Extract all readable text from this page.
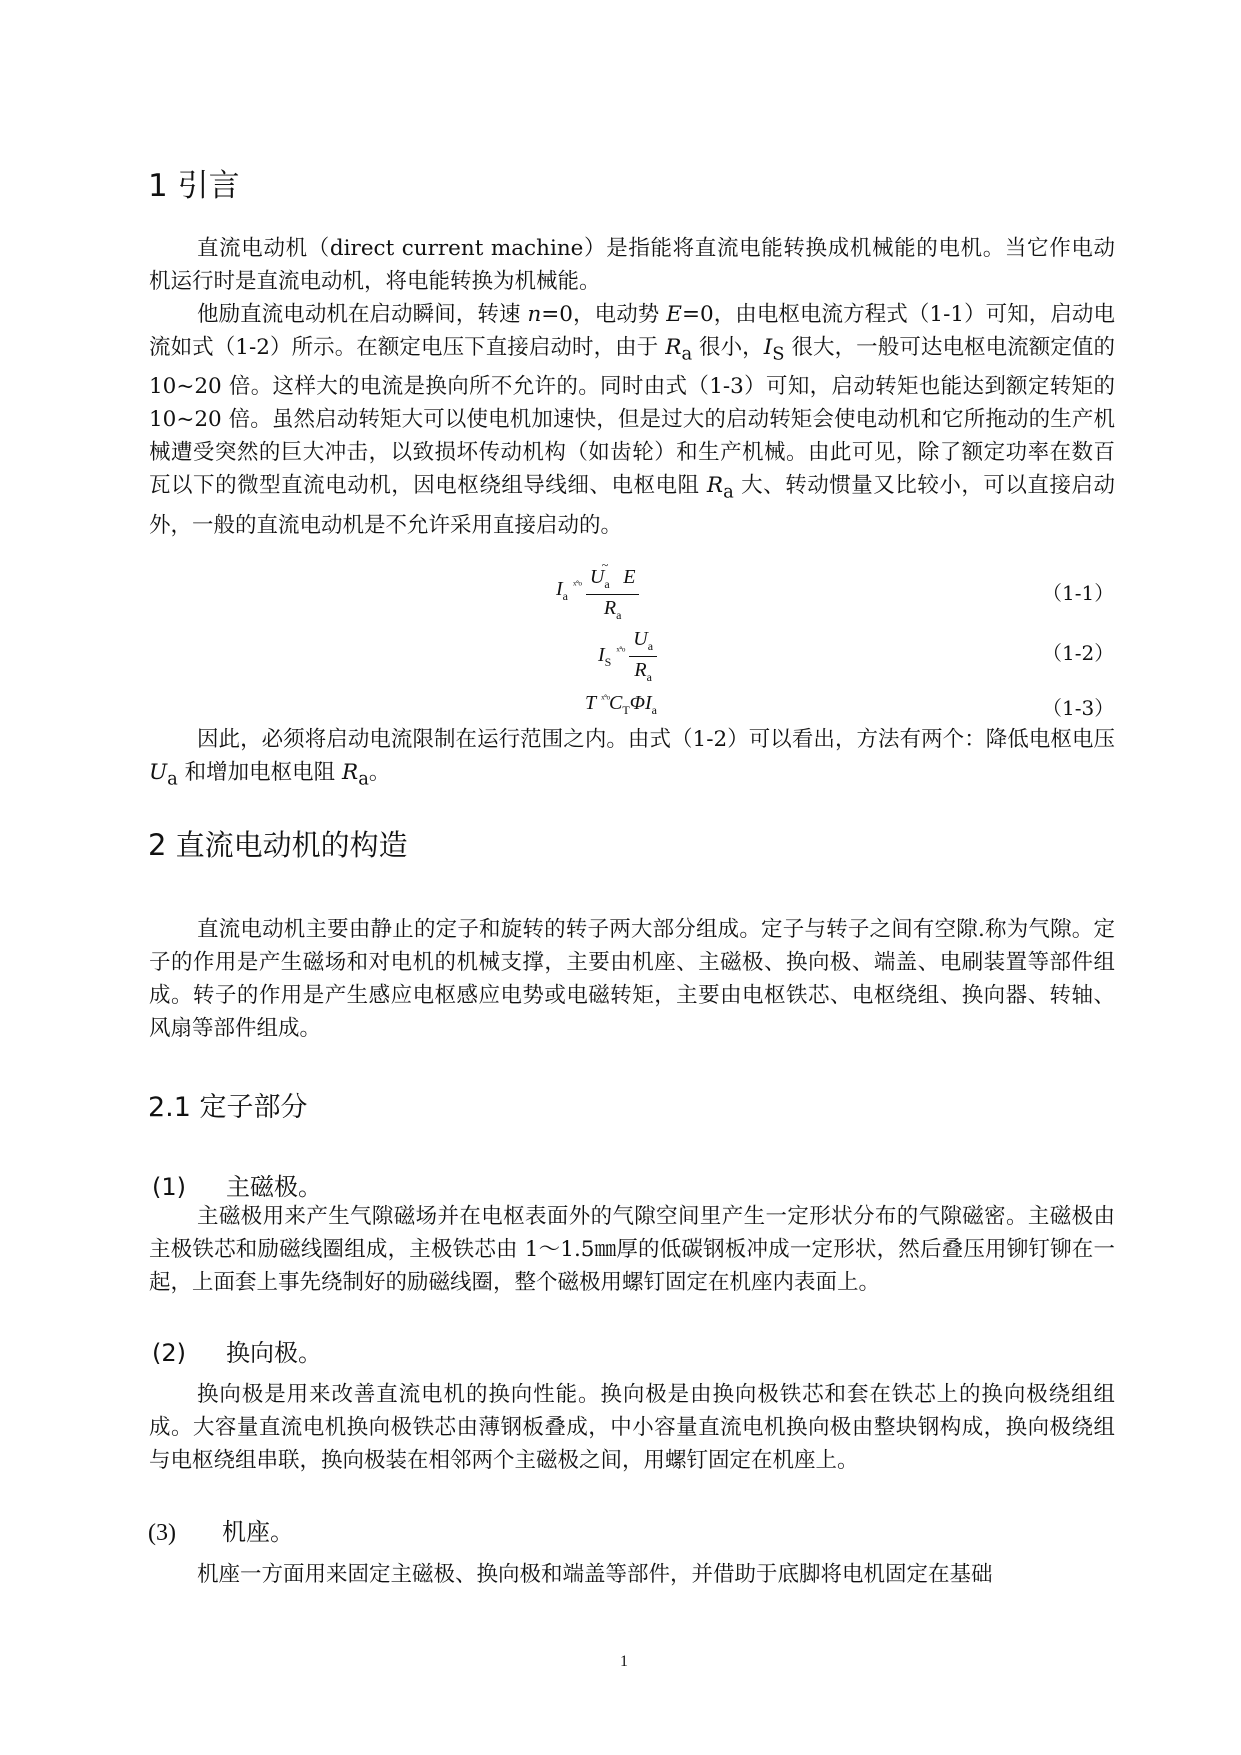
1 引言

直流电动机（direct current machine）是指能将直流电能转换成机械能的电机。当它作电动机运行时是直流电动机，将电能转换为机械能。

他励直流电动机在启动瞬间，转速 n=0，电动势 E=0，由电枢电流方程式（1-1）可知，启动电流如式（1-2）所示。在额定电压下直接启动时，由于 $R_a$ 很小，$I_S$ 很大，一般可达电枢电流额定值的 10~20 倍。这样大的电流是换向所不允许的。同时由式（1-3）可知，启动转矩也能达到额定转矩的 10~20 倍。虽然启动转矩大可以使电机加速快，但是过大的启动转矩会使电动机和它所拖动的生产机械遭受突然的巨大冲击，以致损坏传动机构（如齿轮）和生产机械。由此可见，除了额定功率在数百瓦以下的微型直流电动机，因电枢绕组导线细、电枢电阻 $R_a$ 大、转动惯量又比较小，可以直接启动外，一般的直流电动机是不允许采用直接启动的。

$I_a$ $^{ˣ˚ᵒ} \frac{U_a^\sim E}{R_a}$	（1-1）
$I_S$ $^{ˣ˚ᵒ} \frac{U_a}{R_a}$	（1-2）
T $^{ˣ˚ᵒ}C_T\Phi I_a$	（1-3）

因此，必须将启动电流限制在运行范围之内。由式（1-2）可以看出，方法有两个：降低电枢电压 $U_a$ 和增加电枢电阻 $R_a$。

2 直流电动机的构造

直流电动机主要由静止的定子和旋转的转子两大部分组成。定子与转子之间有空隙.称为气隙。定子的作用是产生磁场和对电机的机械支撑，主要由机座、主磁极、换向极、端盖、电刷装置等部件组成。转子的作用是产生感应电枢感应电势或电磁转矩，主要由电枢铁芯、电枢绕组、换向器、转轴、风扇等部件组成。

2.1 定子部分
(1) 主磁极。

主磁极用来产生气隙磁场并在电枢表面外的气隙空间里产生一定形状分布的气隙磁密。主磁极由主极铁芯和励磁线圈组成，主极铁芯由 1～1.5㎜厚的低碳钢板冲成一定形状，然后叠压用铆钉铆在一起，上面套上事先绕制好的励磁线圈，整个磁极用螺钉固定在机座内表面上。

(2) 换向极。

换向极是用来改善直流电机的换向性能。换向极是由换向极铁芯和套在铁芯上的换向极绕组组成。大容量直流电机换向极铁芯由薄钢板叠成，中小容量直流电机换向极由整块钢构成，换向极绕组与电枢绕组串联，换向极装在相邻两个主磁极之间，用螺钉固定在机座上。

(3) 机座。

机座一方面用来固定主磁极、换向极和端盖等部件，并借助于底脚将电机固定在基础

1
